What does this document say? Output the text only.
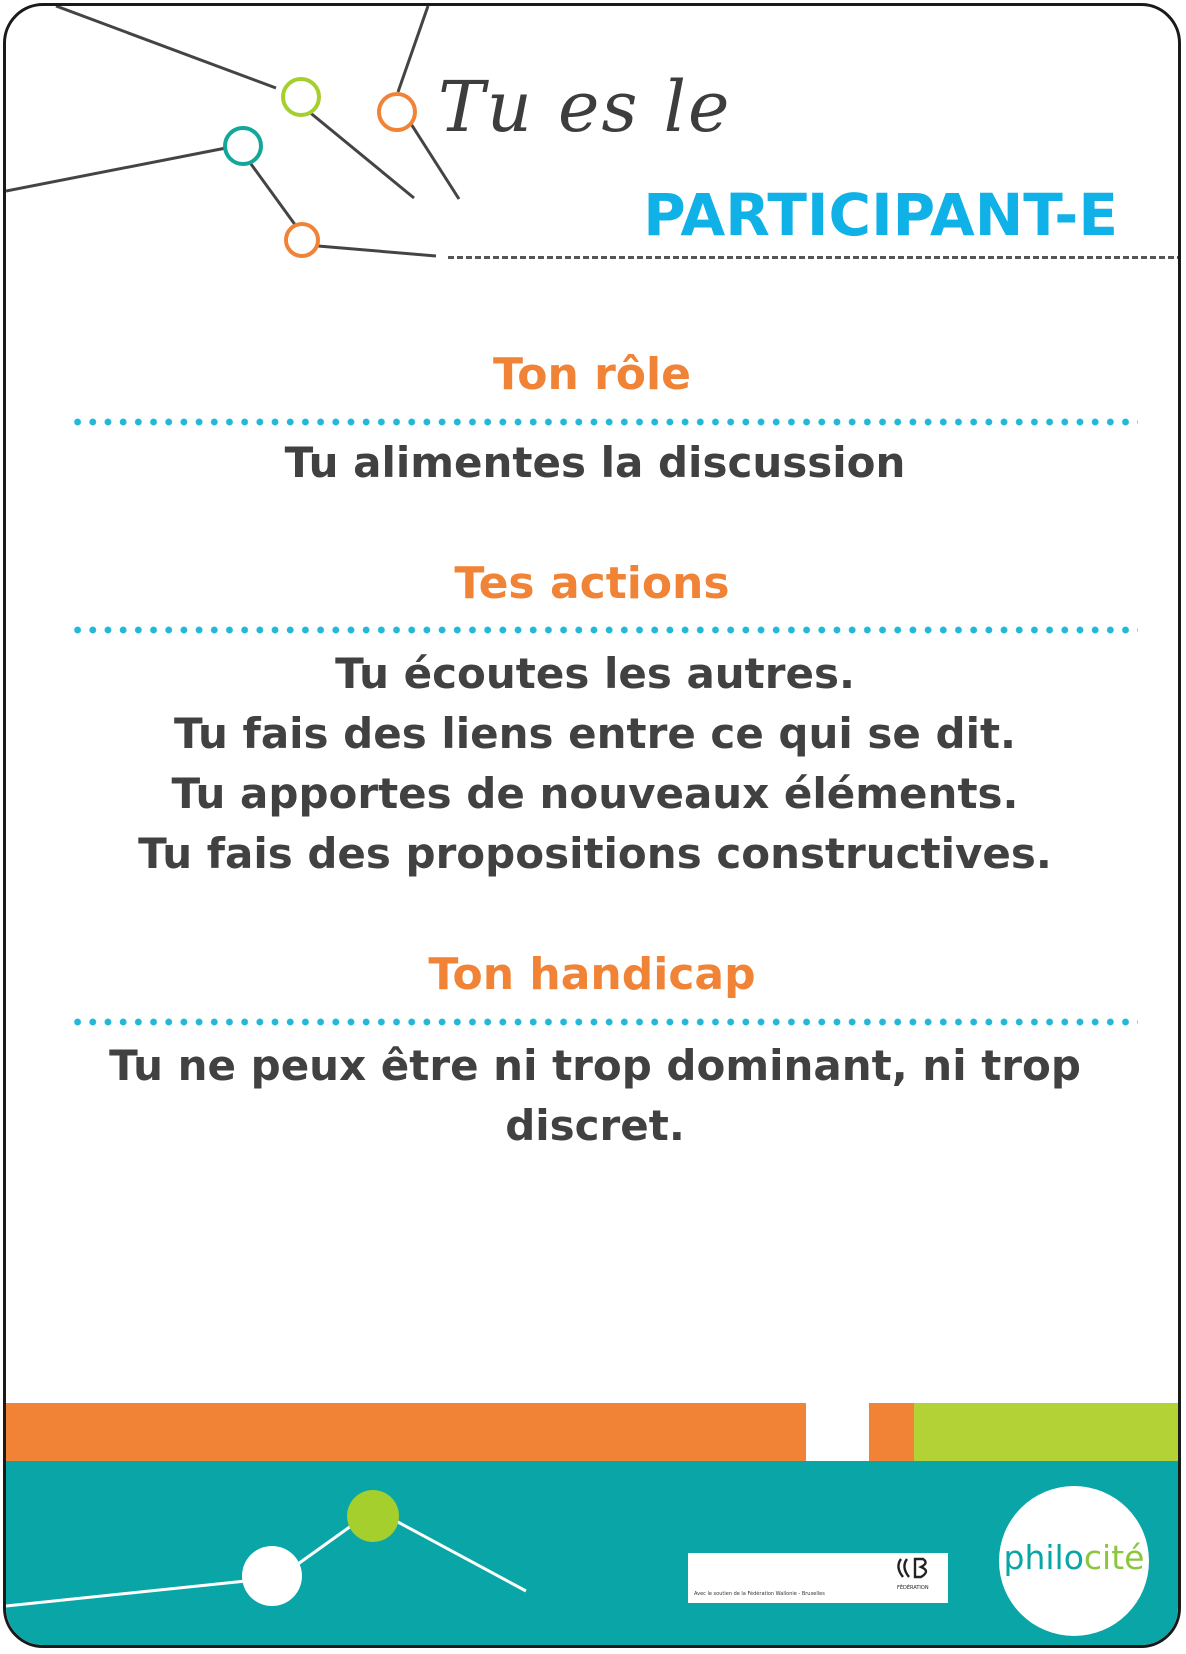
Tu es le
PARTICIPANT-E
Ton rôle
Tu alimentes la discussion
Tes actions
Tu écoutes les autres.
Tu fais des liens entre ce qui se dit.
Tu apportes de nouveaux éléments.
Tu fais des propositions constructives.
Ton handicap
Tu ne peux être ni trop dominant, ni trop
discret.
Avec le soutien de la Fédération Wallonie - Bruxelles
FÉDÉRATION
philocité
